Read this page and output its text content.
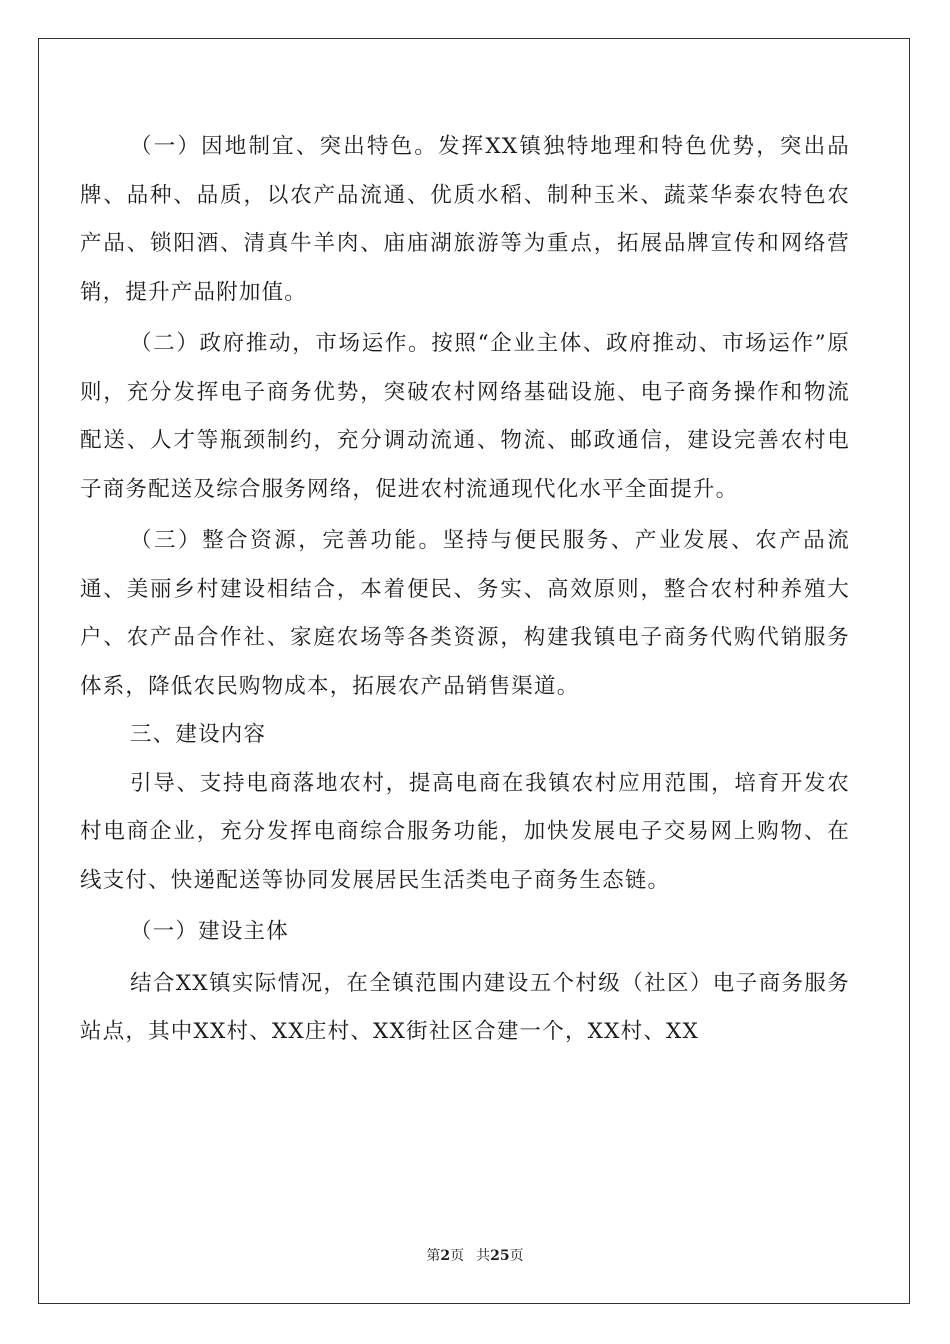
（一）因地制宜、突出特色。发挥XX镇独特地理和特色优势，突出品牌、品种、品质，以农产品流通、优质水稻、制种玉米、蔬菜华泰农特色农产品、锁阳酒、清真牛羊肉、庙庙湖旅游等为重点，拓展品牌宣传和网络营销，提升产品附加值。

（二）政府推动，市场运作。按照“企业主体、政府推动、市场运作”原则，充分发挥电子商务优势，突破农村网络基础设施、电子商务操作和物流配送、人才等瓶颈制约，充分调动流通、物流、邮政通信，建设完善农村电子商务配送及综合服务网络，促进农村流通现代化水平全面提升。

（三）整合资源，完善功能。坚持与便民服务、产业发展、农产品流通、美丽乡村建设相结合，本着便民、务实、高效原则，整合农村种养殖大户、农产品合作社、家庭农场等各类资源，构建我镇电子商务代购代销服务体系，降低农民购物成本，拓展农产品销售渠道。

三、建设内容

引导、支持电商落地农村，提高电商在我镇农村应用范围，培育开发农村电商企业，充分发挥电商综合服务功能，加快发展电子交易网上购物、在线支付、快递配送等协同发展居民生活类电子商务生态链。

（一）建设主体

结合XX镇实际情况，在全镇范围内建设五个村级（社区）电子商务服务站点，其中XX村、XX庄村、XX街社区合建一个，XX村、XX

第2页 共25页
